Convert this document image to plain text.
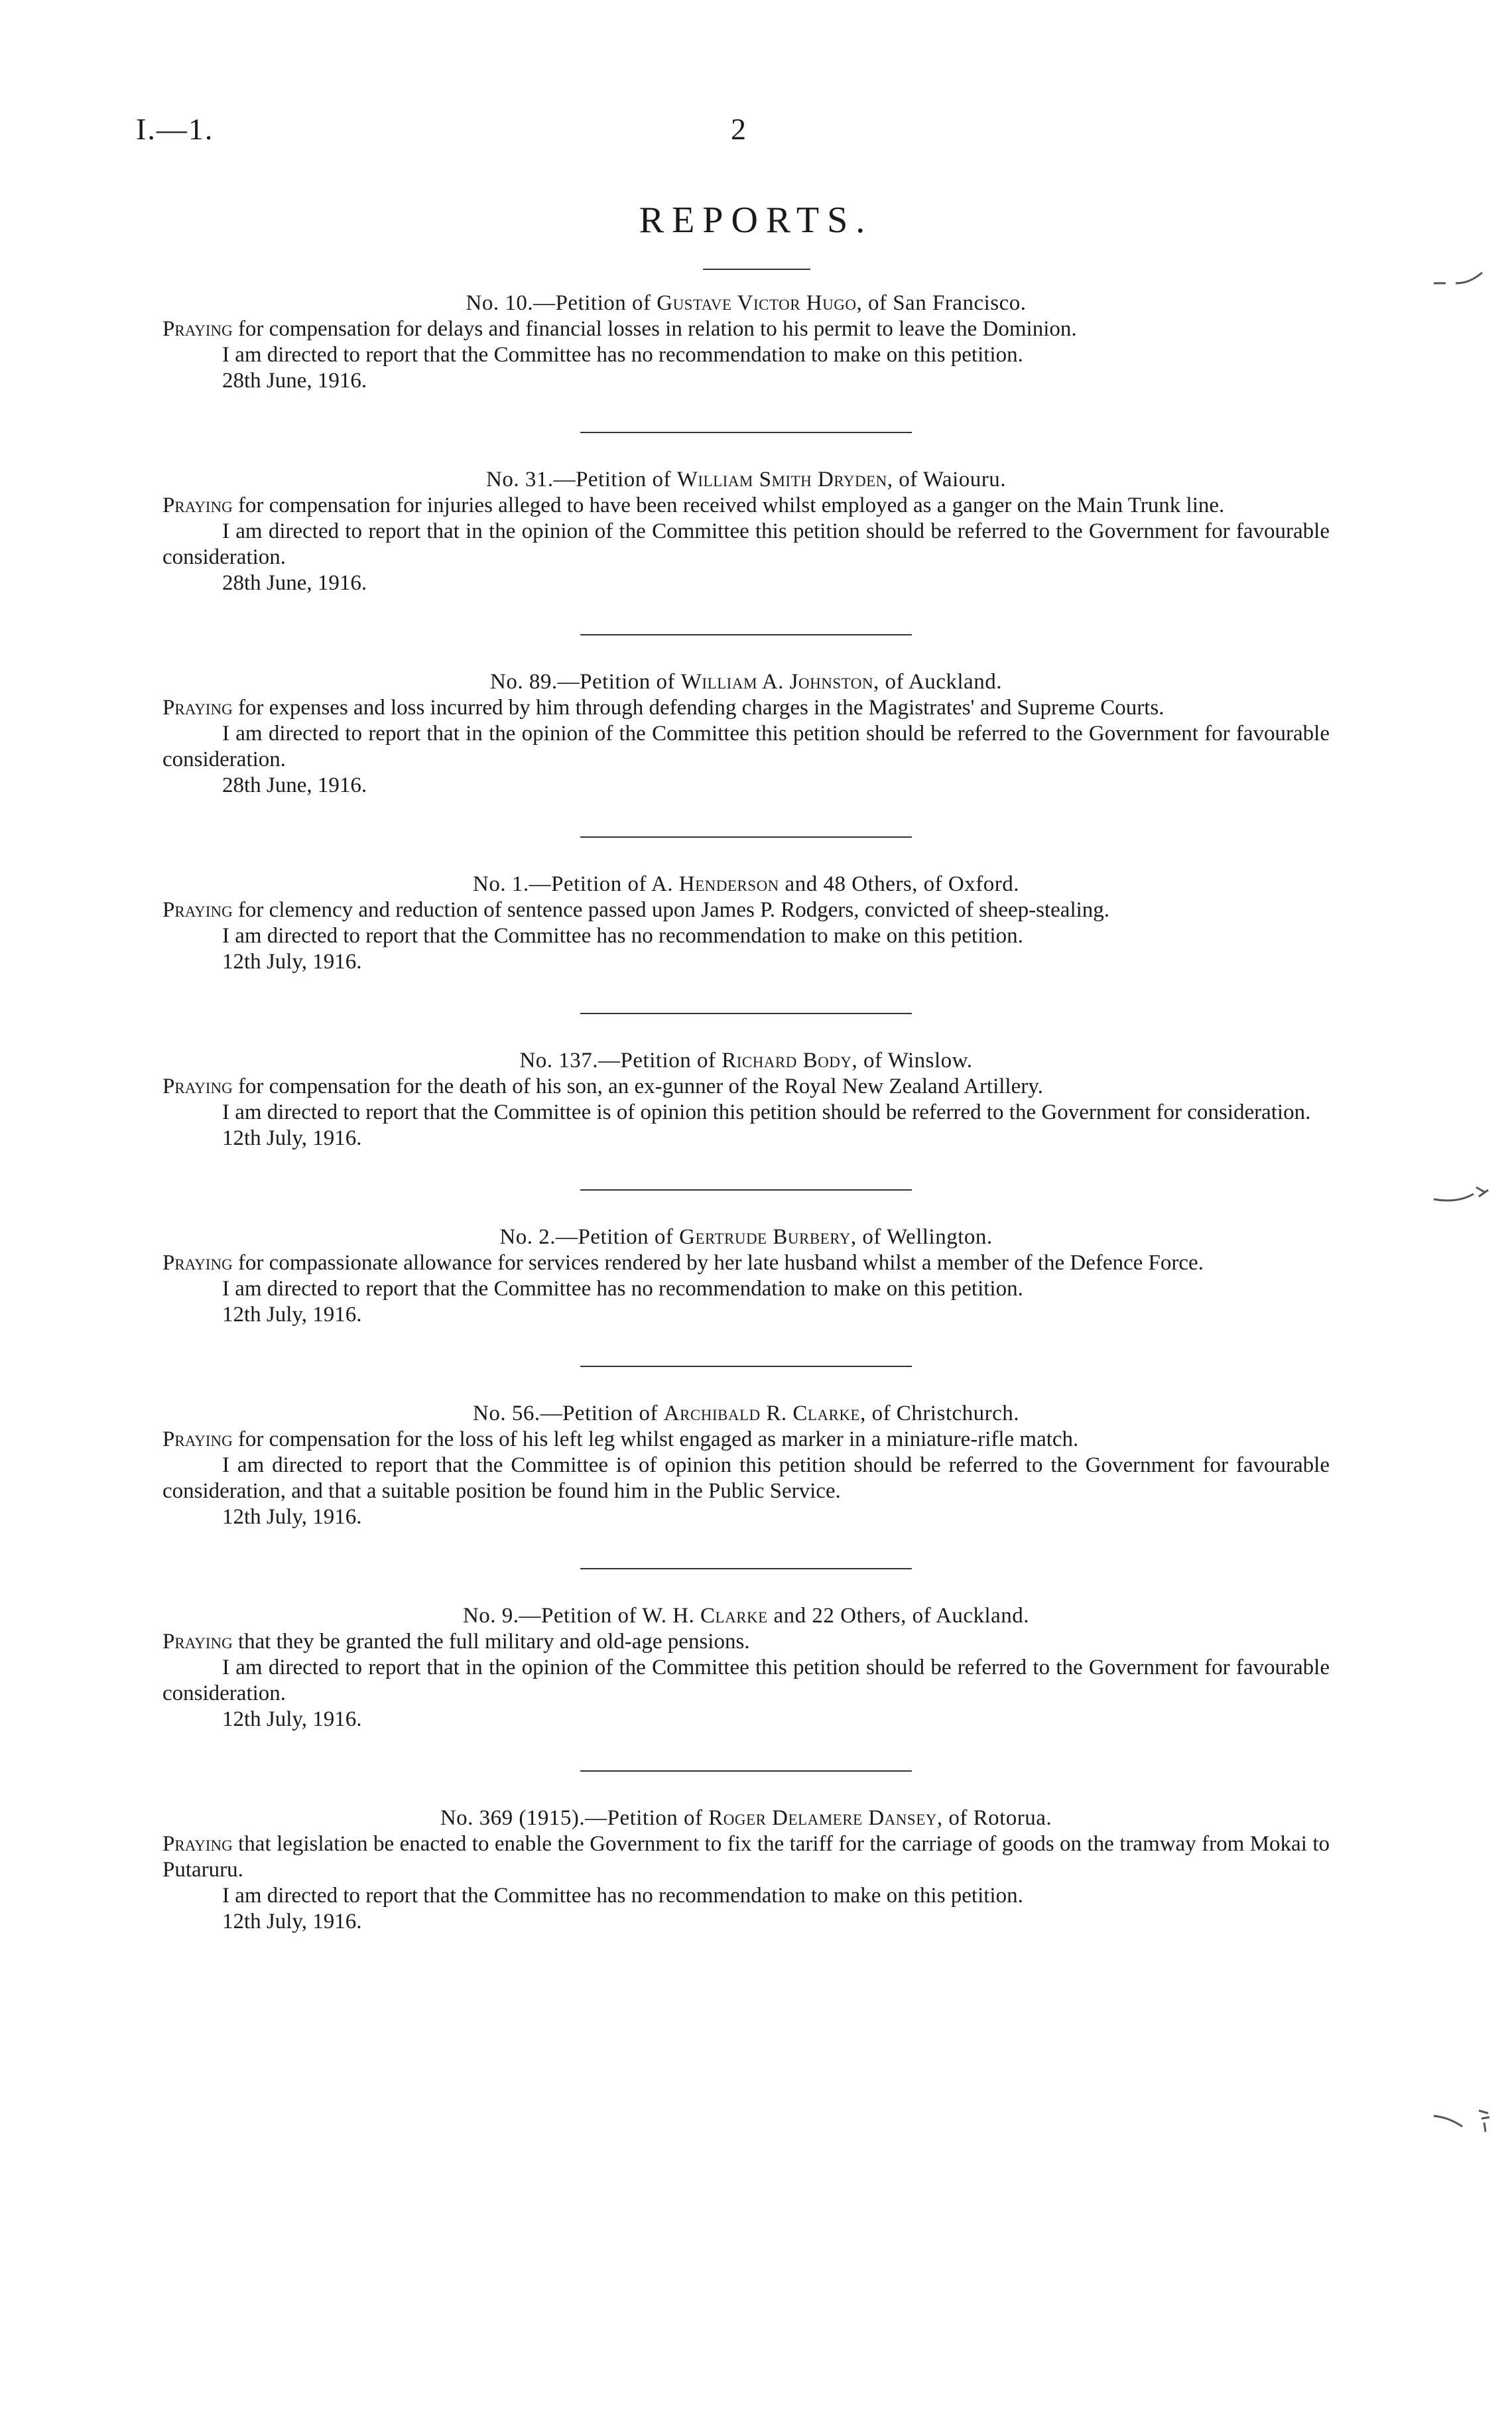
I.—1.	2
REPORTS.
No. 10.—Petition of Gustave Victor Hugo, of San Francisco.

Praying for compensation for delays and financial losses in relation to his permit to leave the Dominion.

I am directed to report that the Committee has no recommendation to make on this petition.

28th June, 1916.

No. 31.—Petition of William Smith Dryden, of Waiouru.

Praying for compensation for injuries alleged to have been received whilst employed as a ganger on the Main Trunk line.

I am directed to report that in the opinion of the Committee this petition should be referred to the Government for favourable consideration.

28th June, 1916.

No. 89.—Petition of William A. Johnston, of Auckland.

Praying for expenses and loss incurred by him through defending charges in the Magistrates' and Supreme Courts.

I am directed to report that in the opinion of the Committee this petition should be referred to the Government for favourable consideration.

28th June, 1916.

No. 1.—Petition of A. Henderson and 48 Others, of Oxford.

Praying for clemency and reduction of sentence passed upon James P. Rodgers, convicted of sheep-stealing.

I am directed to report that the Committee has no recommendation to make on this petition.

12th July, 1916.

No. 137.—Petition of Richard Body, of Winslow.

Praying for compensation for the death of his son, an ex-gunner of the Royal New Zealand Artillery.

I am directed to report that the Committee is of opinion this petition should be referred to the Government for consideration.

12th July, 1916.

No. 2.—Petition of Gertrude Burbery, of Wellington.

Praying for compassionate allowance for services rendered by her late husband whilst a member of the Defence Force.

I am directed to report that the Committee has no recommendation to make on this petition.

12th July, 1916.

No. 56.—Petition of Archibald R. Clarke, of Christchurch.

Praying for compensation for the loss of his left leg whilst engaged as marker in a miniature-rifle match.

I am directed to report that the Committee is of opinion this petition should be referred to the Government for favourable consideration, and that a suitable position be found him in the Public Service.

12th July, 1916.

No. 9.—Petition of W. H. Clarke and 22 Others, of Auckland.

Praying that they be granted the full military and old-age pensions.

I am directed to report that in the opinion of the Committee this petition should be referred to the Government for favourable consideration.

12th July, 1916.

No. 369 (1915).—Petition of Roger Delamere Dansey, of Rotorua.

Praying that legislation be enacted to enable the Government to fix the tariff for the carriage of goods on the tramway from Mokai to Putaruru.

I am directed to report that the Committee has no recommendation to make on this petition.

12th July, 1916.
